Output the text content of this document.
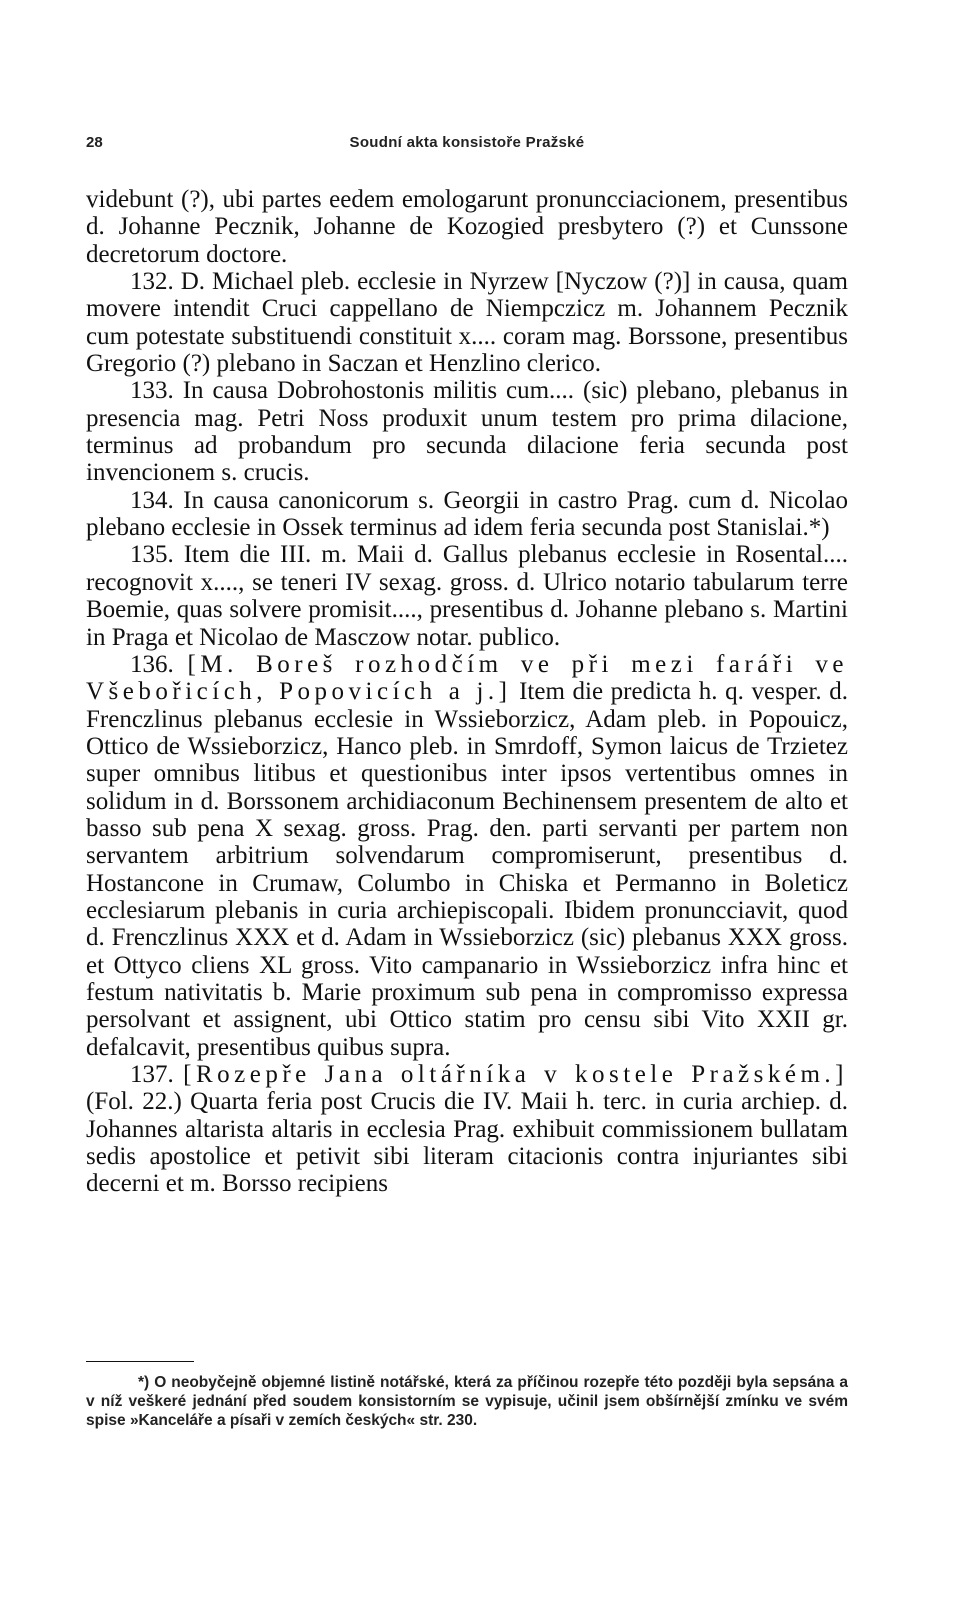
28	Soudní akta konsistoře Pražské

videbunt (?), ubi partes eedem emologarunt pronuncciacionem, presentibus d. Johanne Pecznik, Johanne de Kozogied presbytero (?) et Cunssone decretorum doctore.

132. D. Michael pleb. ecclesie in Nyrzew [Nyczow (?)] in causa, quam movere intendit Cruci cappellano de Niempczicz m. Johannem Pecznik cum potestate substituendi constituit x.... coram mag. Borssone, presentibus Gregorio (?) plebano in Saczan et Henzlino clerico.

133. In causa Dobrohostonis militis cum.... (sic) plebano, plebanus in presencia mag. Petri Noss produxit unum testem pro prima dilacione, terminus ad probandum pro secunda dilacione feria secunda post invencionem s. crucis.

134. In causa canonicorum s. Georgii in castro Prag. cum d. Nicolao plebano ecclesie in Ossek terminus ad idem feria secunda post Stanislai.*)

135. Item die III. m. Maii d. Gallus plebanus ecclesie in Rosental.... recognovit x...., se teneri IV sexag. gross. d. Ulrico notario tabularum terre Boemie, quas solvere promisit...., presentibus d. Johanne plebano s. Martini in Praga et Nicolao de Masczow notar. publico.

136. [M. Boreš rozhodčím ve při mezi faráři ve Všebořicích, Popovicích a j.] Item die predicta h. q. vesper. d. Frenczlinus plebanus ecclesie in Wssieborzicz, Adam pleb. in Popouicz, Ottico de Wssieborzicz, Hanco pleb. in Smrdoff, Symon laicus de Trzietez super omnibus litibus et questionibus inter ipsos vertentibus omnes in solidum in d. Borssonem archidiaconum Bechinensem presentem de alto et basso sub pena X sexag. gross. Prag. den. parti servanti per partem non servantem arbitrium solvendarum compromiserunt, presentibus d. Hostancone in Crumaw, Columbo in Chiska et Permanno in Boleticz ecclesiarum plebanis in curia archiepiscopali. Ibidem pronuncciavit, quod d. Frenczlinus XXX et d. Adam in Wssieborzicz (sic) plebanus XXX gross. et Ottyco cliens XL gross. Vito campanario in Wssieborzicz infra hinc et festum nativitatis b. Marie proximum sub pena in compromisso expressa persolvant et assignent, ubi Ottico statim pro censu sibi Vito XXII gr. defalcavit, presentibus quibus supra.

137. [Rozepře Jana oltářníka v kostele Pražském.] (Fol. 22.) Quarta feria post Crucis die IV. Maii h. terc. in curia archiep. d. Johannes altarista altaris in ecclesia Prag. exhibuit commissionem bullatam sedis apostolice et petivit sibi literam citacionis contra injuriantes sibi decerni et m. Borsso recipiens

*) O neobyčejně objemné listině notářské, která za příčinou rozepře této později byla sepsána a v níž veškeré jednání před soudem konsistorním se vypisuje, učinil jsem obšírnější zmínku ve svém spise »Kanceláře a písaři v zemích českých« str. 230.
